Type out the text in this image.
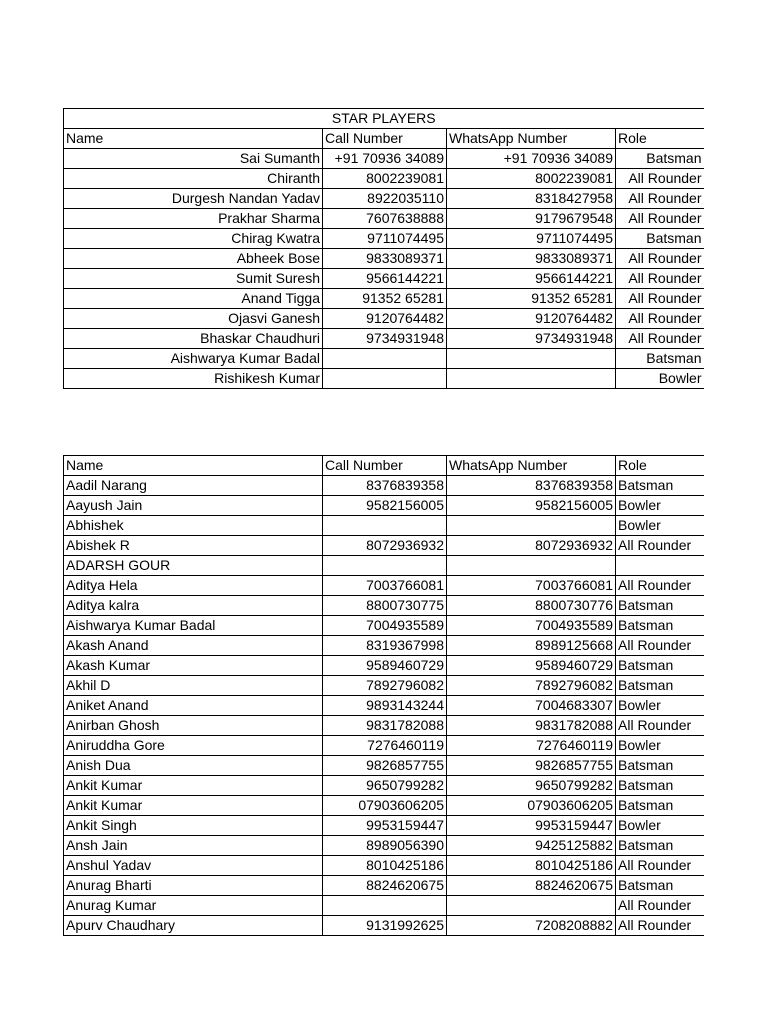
STAR PLAYERS			
Name	Call Number	WhatsApp Number	Role
Sai Sumanth	+91 70936 34089	+91 70936 34089	Batsman
Chiranth	8002239081	8002239081	All Rounder
Durgesh Nandan Yadav	8922035110	8318427958	All Rounder
Prakhar Sharma	7607638888	9179679548	All Rounder
Chirag Kwatra	9711074495	9711074495	Batsman
Abheek Bose	9833089371	9833089371	All Rounder
Sumit Suresh	9566144221	9566144221	All Rounder
Anand Tigga	91352 65281	91352 65281	All Rounder
Ojasvi Ganesh	9120764482	9120764482	All Rounder
Bhaskar Chaudhuri	9734931948	9734931948	All Rounder
Aishwarya Kumar Badal			Batsman
Rishikesh Kumar			Bowler
Name	Call Number	WhatsApp Number	Role
Aadil Narang	8376839358	8376839358	Batsman
Aayush Jain	9582156005	9582156005	Bowler
Abhishek			Bowler
Abishek R	8072936932	8072936932	All Rounder
ADARSH GOUR			
Aditya Hela	7003766081	7003766081	All Rounder
Aditya kalra	8800730775	8800730776	Batsman
Aishwarya Kumar Badal	7004935589	7004935589	Batsman
Akash Anand	8319367998	8989125668	All Rounder
Akash Kumar	9589460729	9589460729	Batsman
Akhil D	7892796082	7892796082	Batsman
Aniket Anand	9893143244	7004683307	Bowler
Anirban Ghosh	9831782088	9831782088	All Rounder
Aniruddha Gore	7276460119	7276460119	Bowler
Anish Dua	9826857755	9826857755	Batsman
Ankit Kumar	9650799282	9650799282	Batsman
Ankit Kumar	07903606205	07903606205	Batsman
Ankit Singh	9953159447	9953159447	Bowler
Ansh Jain	8989056390	9425125882	Batsman
Anshul Yadav	8010425186	8010425186	All Rounder
Anurag Bharti	8824620675	8824620675	Batsman
Anurag Kumar			All Rounder
Apurv Chaudhary	9131992625	7208208882	All Rounder
